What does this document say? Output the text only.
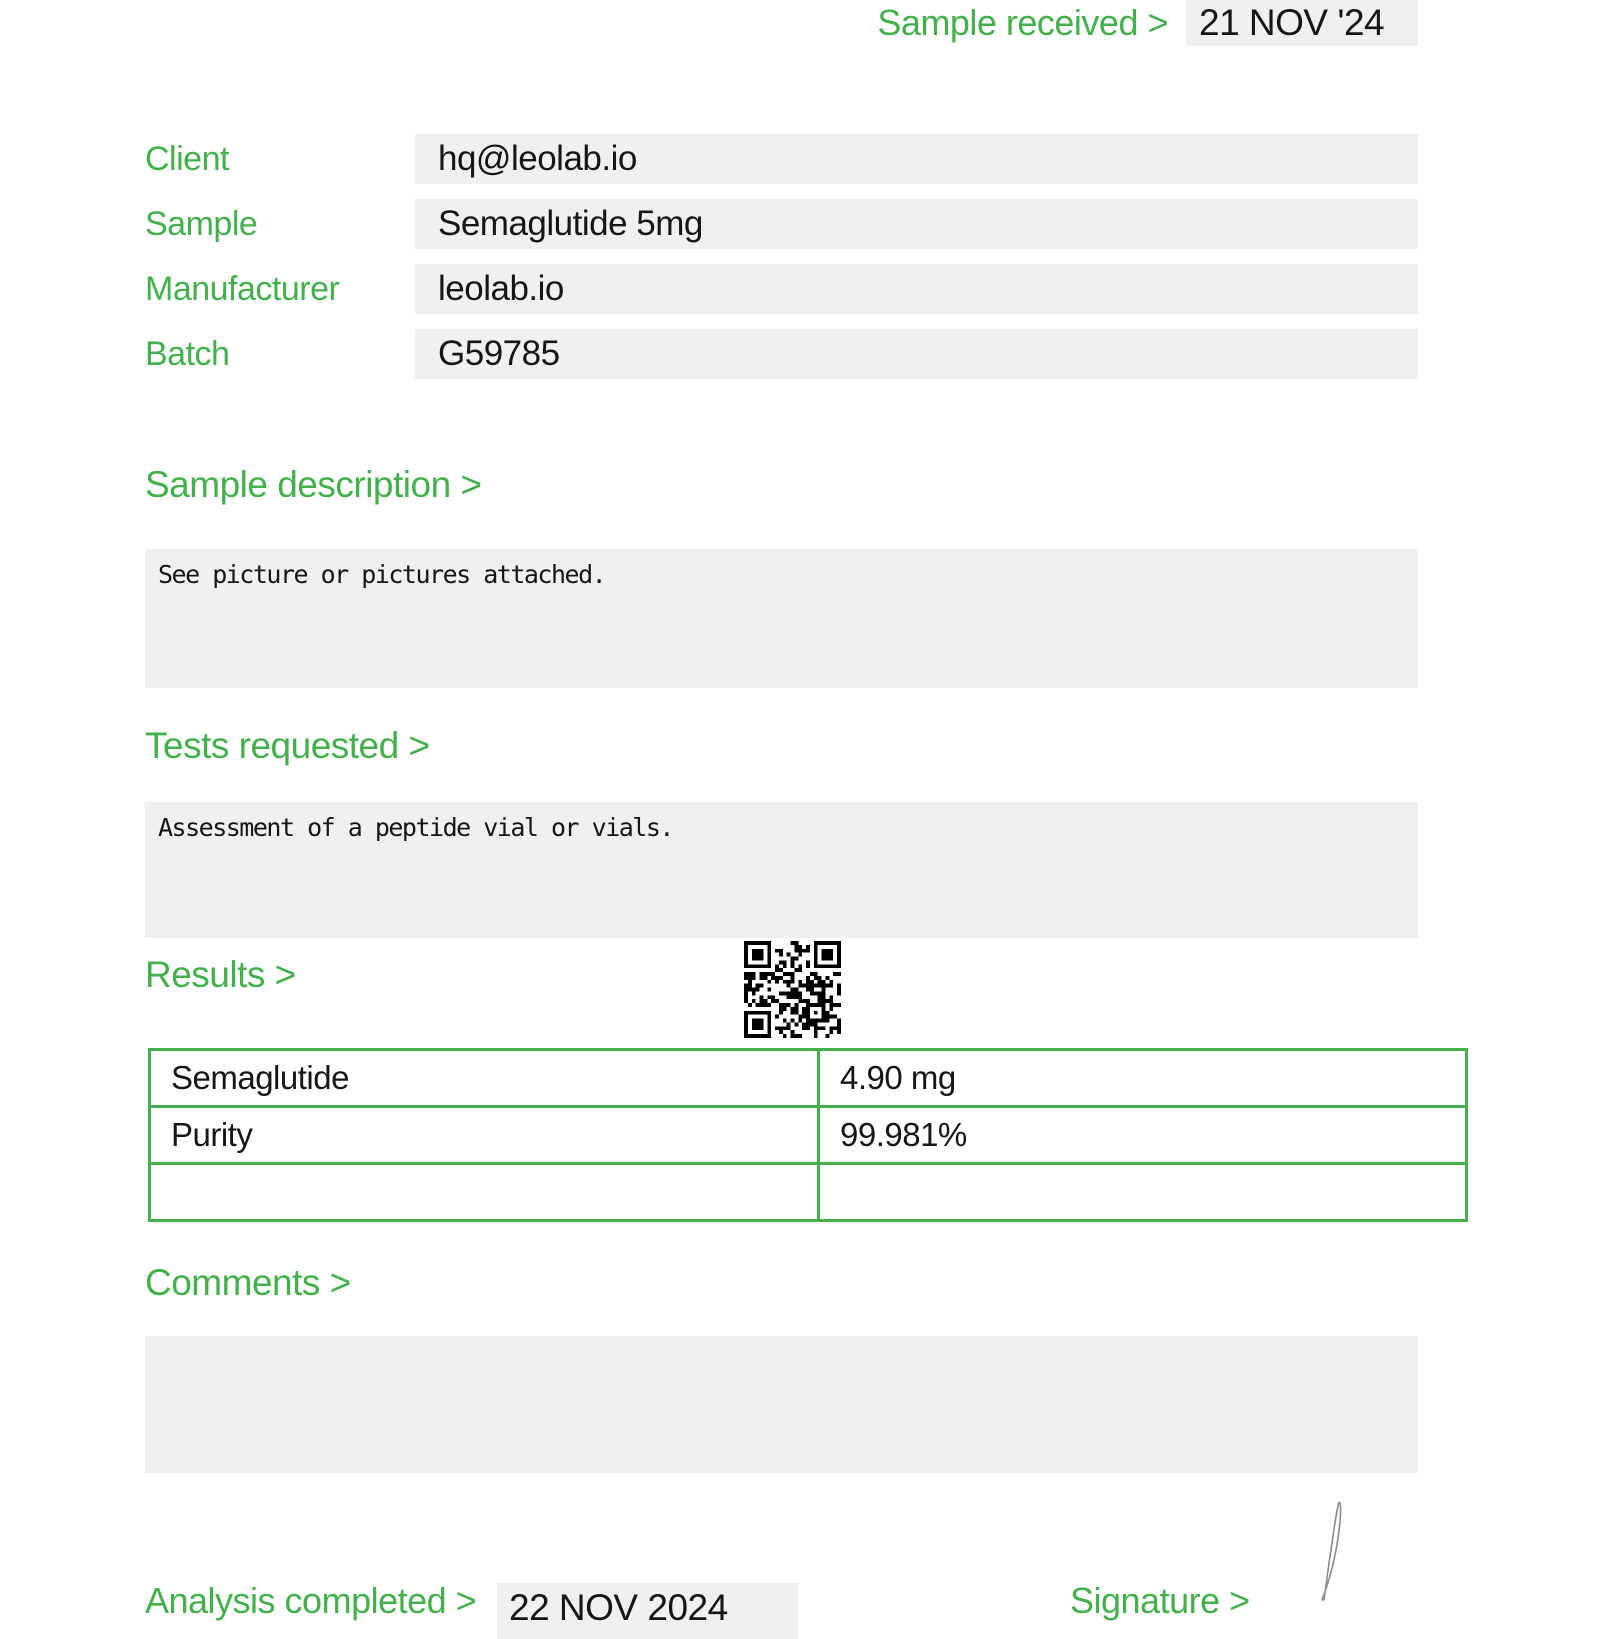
Sample received > 21 NOV '24
Client	hq@leolab.io
Sample	Semaglutide 5mg
Manufacturer	leolab.io
Batch	G59785
Sample description >
See picture or pictures attached.
Tests requested >
Assessment of a peptide vial or vials.
Results >
Semaglutide	4.90 mg
Purity	99.981%

Comments >
Analysis completed > 22 NOV 2024	Signature >
